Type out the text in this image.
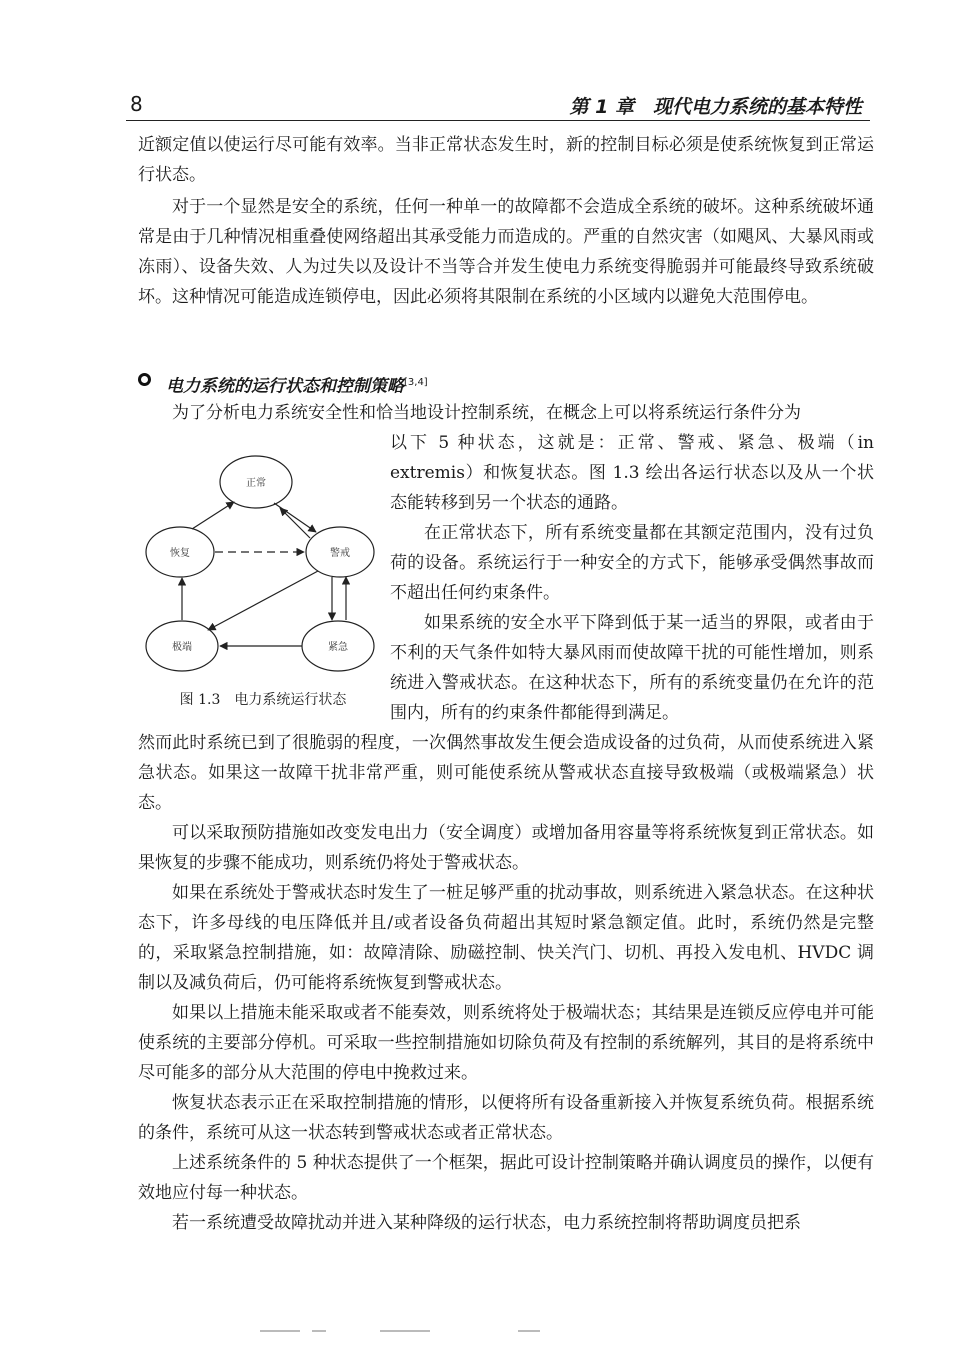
8	第 1 章　现代电力系统的基本特性

近额定值以使运行尽可能有效率。当非正常状态发生时，新的控制目标必须是使系统恢复到正常运行状态。

对于一个显然是安全的系统，任何一种单一的故障都不会造成全系统的破坏。这种系统破坏通常是由于几种情况相重叠使网络超出其承受能力而造成的。严重的自然灾害（如飓风、大暴风雨或冻雨）、设备失效、人为过失以及设计不当等合并发生使电力系统变得脆弱并可能最终导致系统破坏。这种情况可能造成连锁停电，因此必须将其限制在系统的小区域内以避免大范围停电。

电力系统的运行状态和控制策略[3,4]

为了分析电力系统安全性和恰当地设计控制系统，在概念上可以将系统运行条件分为

以下 5 种状态，这就是：正常、警戒、紧急、极端（in extremis）和恢复状态。图 1.3 绘出各运行状态以及从一个状态能转移到另一个状态的通路。

在正常状态下，所有系统变量都在其额定范围内，没有过负荷的设备。系统运行于一种安全的方式下，能够承受偶然事故而不超出任何约束条件。

如果系统的安全水平下降到低于某一适当的界限，或者由于不利的天气条件如特大暴风雨而使故障干扰的可能性增加，则系统进入警戒状态。在这种状态下，所有的系统变量仍在允许的范围内，所有的约束条件都能得到满足。

然而此时系统已到了很脆弱的程度，一次偶然事故发生便会造成设备的过负荷，从而使系统进入紧急状态。如果这一故障干扰非常严重，则可能使系统从警戒状态直接导致极端（或极端紧急）状态。

可以采取预防措施如改变发电出力（安全调度）或增加备用容量等将系统恢复到正常状态。如果恢复的步骤不能成功，则系统仍将处于警戒状态。

如果在系统处于警戒状态时发生了一桩足够严重的扰动事故，则系统进入紧急状态。在这种状态下，许多母线的电压降低并且/或者设备负荷超出其短时紧急额定值。此时，系统仍然是完整的，采取紧急控制措施，如：故障清除、励磁控制、快关汽门、切机、再投入发电机、HVDC 调制以及减负荷后，仍可能将系统恢复到警戒状态。

如果以上措施未能采取或者不能奏效，则系统将处于极端状态；其结果是连锁反应停电并可能使系统的主要部分停机。可采取一些控制措施如切除负荷及有控制的系统解列，其目的是将系统中尽可能多的部分从大范围的停电中挽救过来。

恢复状态表示正在采取控制措施的情形，以便将所有设备重新接入并恢复系统负荷。根据系统的条件，系统可从这一状态转到警戒状态或者正常状态。

上述系统条件的 5 种状态提供了一个框架，据此可设计控制策略并确认调度员的操作，以便有效地应付每一种状态。

若一系统遭受故障扰动并进入某种降级的运行状态，电力系统控制将帮助调度员把系

正常
恢复	警戒
极端	紧急
图 1.3　电力系统运行状态
